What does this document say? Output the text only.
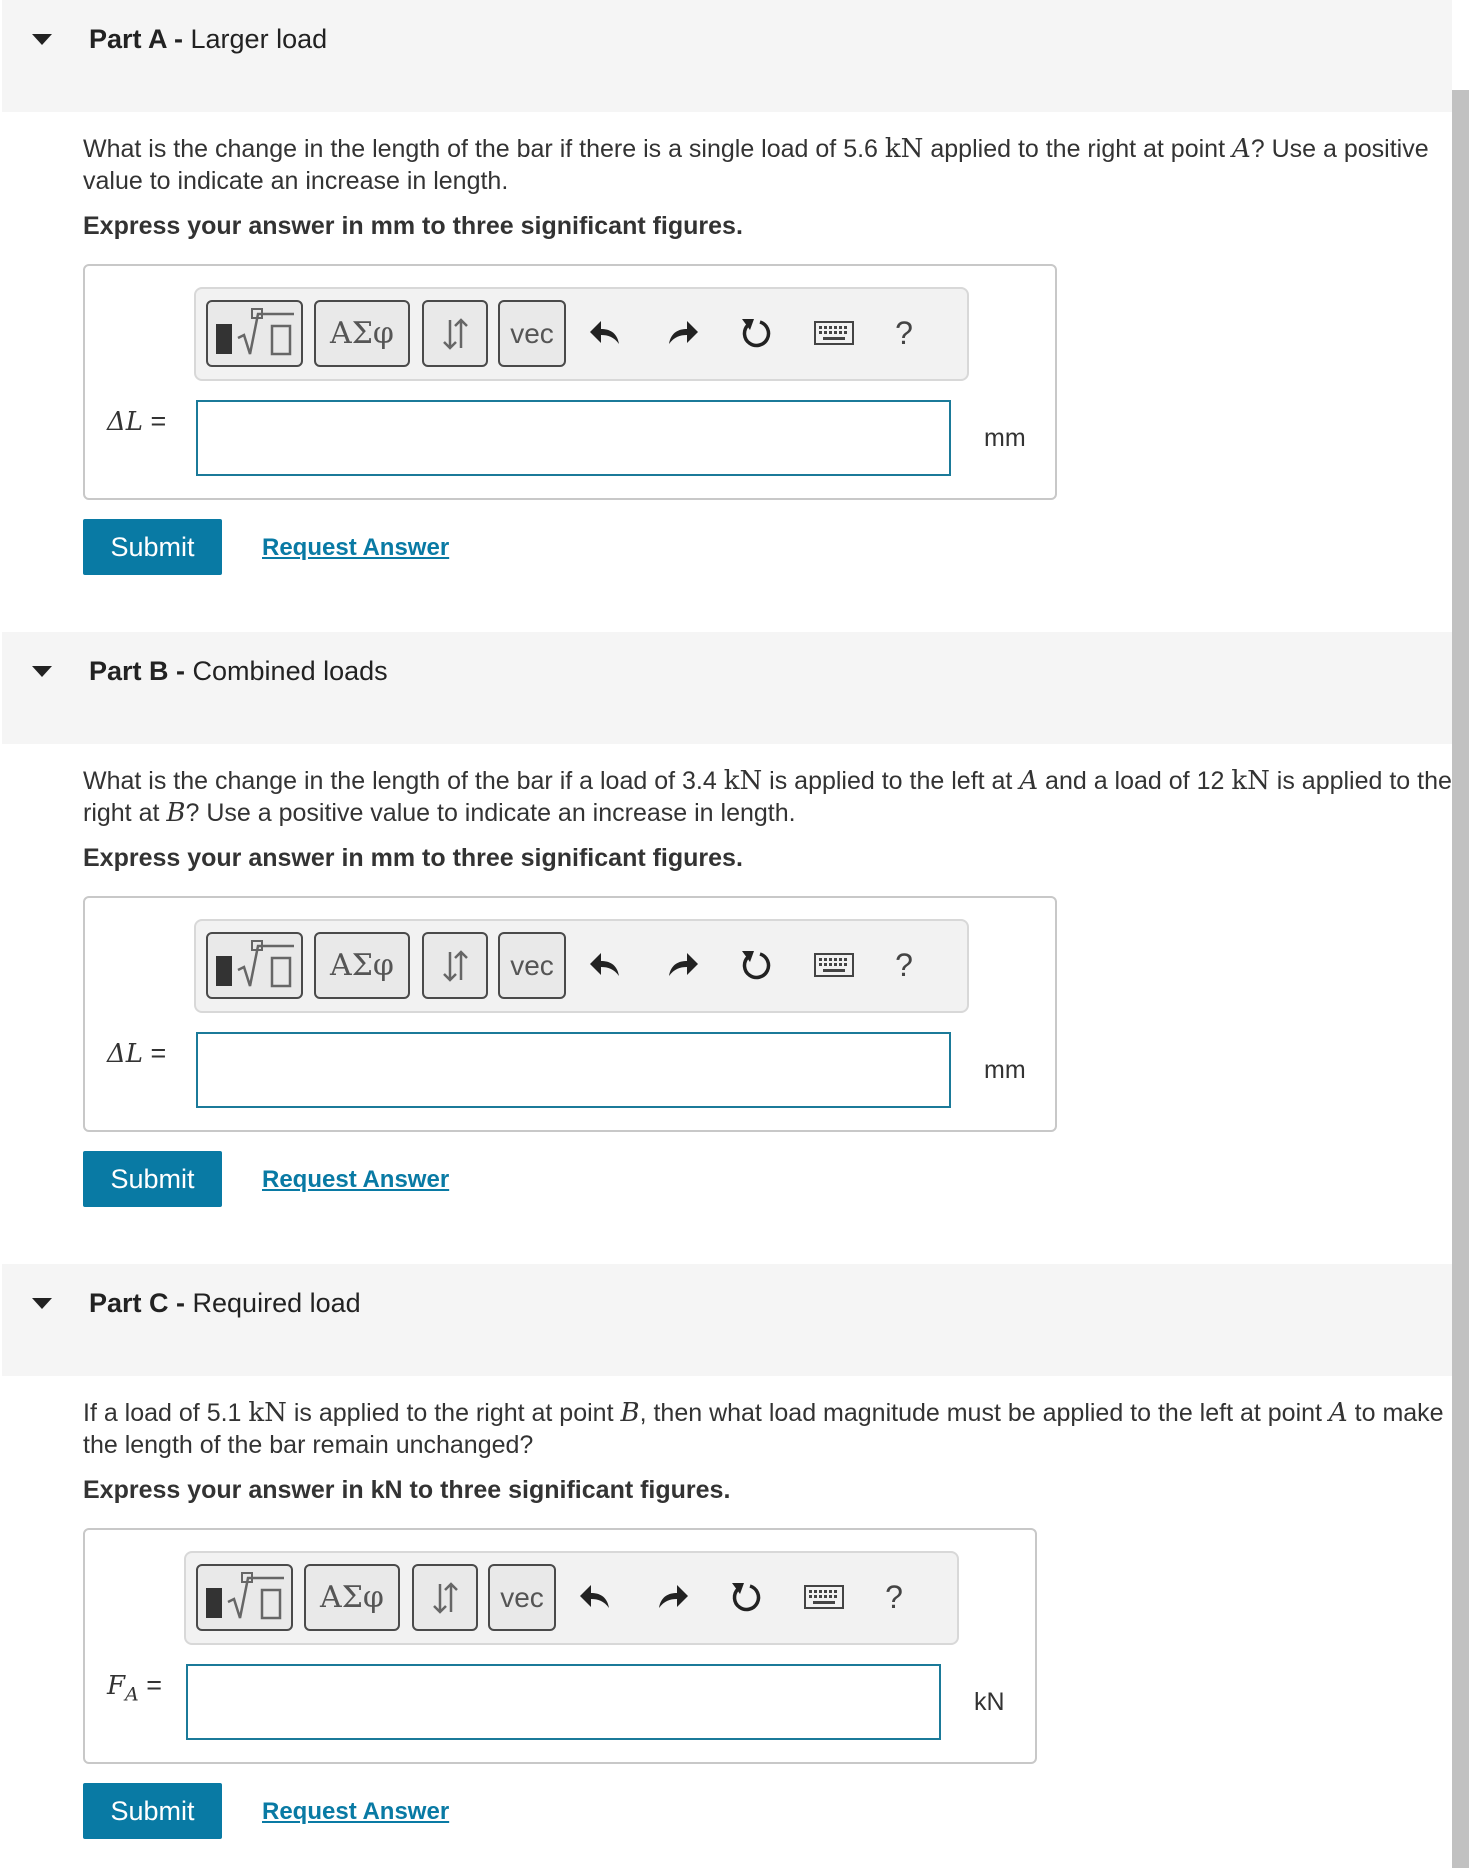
Part A - Larger load
What is the change in the length of the bar if there is a single load of 5.6 kN applied to the right at point A? Use a positive value to indicate an increase in length.
Express your answer in mm to three significant figures.
ΑΣφ	vec	?
ΔL =
mm
Submit	Request Answer
Part B - Combined loads
What is the change in the length of the bar if a load of 3.4 kN is applied to the left at A and a load of 12 kN is applied to the right at B? Use a positive value to indicate an increase in length.
Express your answer in mm to three significant figures.
ΑΣφ	vec	?
ΔL =
mm
Submit	Request Answer
Part C - Required load
If a load of 5.1 kN is applied to the right at point B, then what load magnitude must be applied to the left at point A to make the length of the bar remain unchanged?
Express your answer in kN to three significant figures.
ΑΣφ	vec	?
$F_A$ =
kN
Submit	Request Answer
